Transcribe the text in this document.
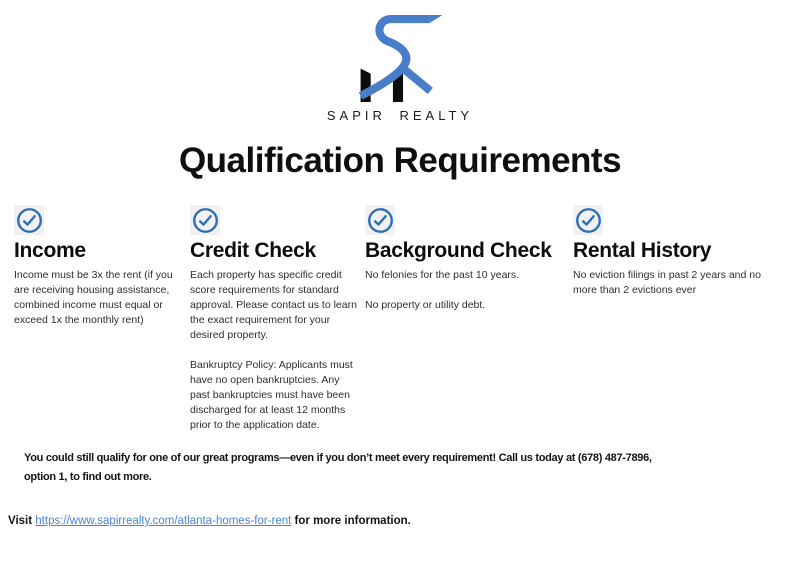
SAPIR REALTY
Qualification Requirements
Income

Income must be 3x the rent (if you are receiving housing assistance, combined income must equal or exceed 1x the monthly rent)

Credit Check

Each property has specific credit score requirements for standard approval. Please contact us to learn the exact requirement for your desired property.

Bankruptcy Policy: Applicants must have no open bankruptcies. Any past bankruptcies must have been discharged for at least 12 months prior to the application date.

Background Check

No felonies for the past 10 years.

No property or utility debt.

Rental History

No eviction filings in past 2 years and no more than 2 evictions ever

You could still qualify for one of our great programs—even if you don’t meet every requirement! Call us today at (678) 487-7896,
option 1, to find out more.
Visit https://www.sapirrealty.com/atlanta-homes-for-rent for more information.
